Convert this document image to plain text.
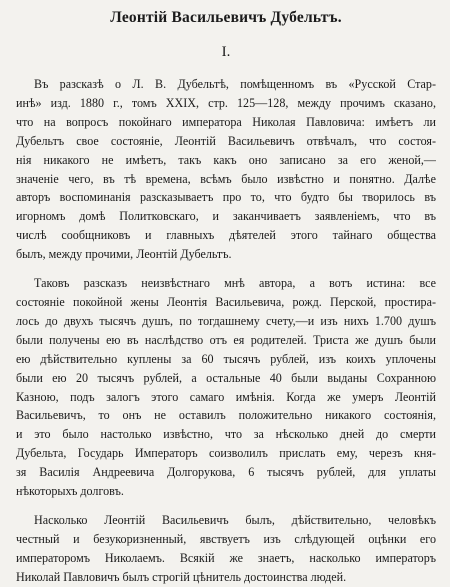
Леонтій Васильевичъ Дубельтъ.
I.
Въ разсказѣ о Л. В. Дубельтѣ, помѣщенномъ въ «Русской Стар-
инѣ» изд. 1880 г., томъ XXIX, стр. 125—128, между прочимъ сказано,
что на вопросъ покойнаго императора Николая Павловича: имѣетъ ли
Дубельтъ свое состояніе, Леонтій Васильевичъ отвѣчалъ, что состоя-
нія никакого не имѣетъ, такъ какъ оно записано за его женой,—
значеніе чего, въ тѣ времена, всѣмъ было извѣстно и понятно. Далѣе
авторъ воспоминанія разсказываетъ про то, что будто бы творилось въ
игорномъ домѣ Политковскаго, и заканчиваетъ заявленіемъ, что въ
числѣ сообщниковъ и главныхъ дѣятелей этого тайнаго общества
былъ, между прочими, Леонтій Дубельтъ.
Таковъ разсказъ неизвѣстнаго мнѣ автора, а вотъ истина: все
состояніе покойной жены Леонтія Васильевича, рожд. Перской, простира-
лось до двухъ тысячъ душъ, по тогдашнему счету,—и изъ нихъ 1.700 душъ
были получены ею въ наслѣдство отъ ея родителей. Триста же душъ были
ею дѣйствительно куплены за 60 тысячъ рублей, изъ коихъ уплочены
были ею 20 тысячъ рублей, а остальные 40 были выданы Сохранною
Казною, подъ залогъ этого самаго имѣнія. Когда же умеръ Леонтій
Васильевичъ, то онъ не оставилъ положительно никакого состоянія,
и это было настолько извѣстно, что за нѣсколько дней до смерти
Дубельта, Государь Императоръ соизволилъ прислать ему, черезъ кня-
зя Василія Андреевича Долгорукова, 6 тысячъ рублей, для уплаты
нѣкоторыхъ долговъ.
Насколько Леонтій Васильевичъ былъ, дѣйствительно, человѣкъ
честный и безукоризненный, явствуетъ изъ слѣдующей оцѣнки его
императоромъ Николаемъ. Всякій же знаетъ, насколько императоръ
Николай Павловичъ былъ строгій цѣнитель достоинства людей.
